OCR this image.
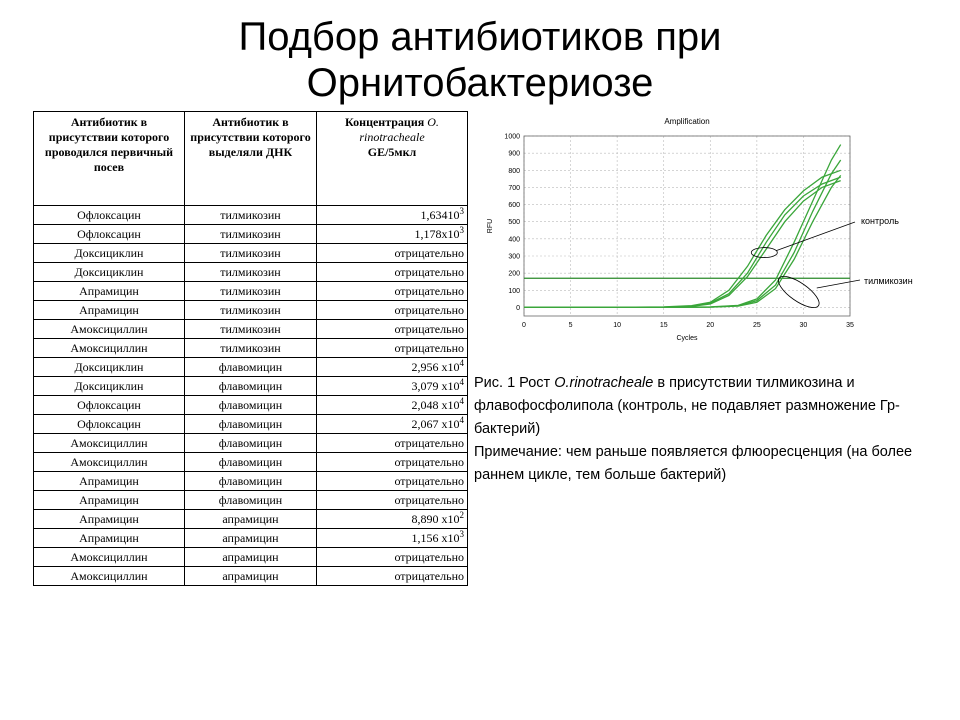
Подбор антибиотиков при
Орнитобактериозе
Антибиотик в присутствии которого проводился первичный посев	Антибиотик в присутствии которого выделяли ДНК	Концентрация O. rinotracheale
GE/5мкл
Офлоксацин	тилмикозин	1,63410$^3$
Офлоксацин	тилмикозин	$1,178x10^3$
Доксициклин	тилмикозин	отрицательно
Доксициклин	тилмикозин	отрицательно
Апрамицин	тилмикозин	отрицательно
Апрамицин	тилмикозин	отрицательно
Амоксициллин	тилмикозин	отрицательно
Амоксициллин	тилмикозин	отрицательно
Доксициклин	флавомицин	2,956 $x10^4$
Доксициклин	флавомицин	3,079 $x10^4$
Офлоксацин	флавомицин	2,048 $x10^4$
Офлоксацин	флавомицин	2,067 $x10^4$
Амоксициллин	флавомицин	отрицательно
Амоксициллин	флавомицин	отрицательно
Апрамицин	флавомицин	отрицательно
Апрамицин	флавомицин	отрицательно
Апрамицин	апрамицин	8,890 $x10^2$
Апрамицин	апрамицин	1,156 $x10^3$
Амоксициллин	апрамицин	отрицательно
Амоксициллин	апрамицин	отрицательно
Amplification
0	5	10	15	20	25	30	35
0
100
200
300
400
500
600
700
800
900
1000
Cycles
RFU	контроль
тилмикозин

Рис. 1 Рост O.rinotracheale в присутствии тилмикозина и флавофосфолипола (контроль, не подавляет размножение Гр- бактерий)

Примечание: чем раньше появляется флюоресценция (на более раннем цикле, тем больше бактерий)
